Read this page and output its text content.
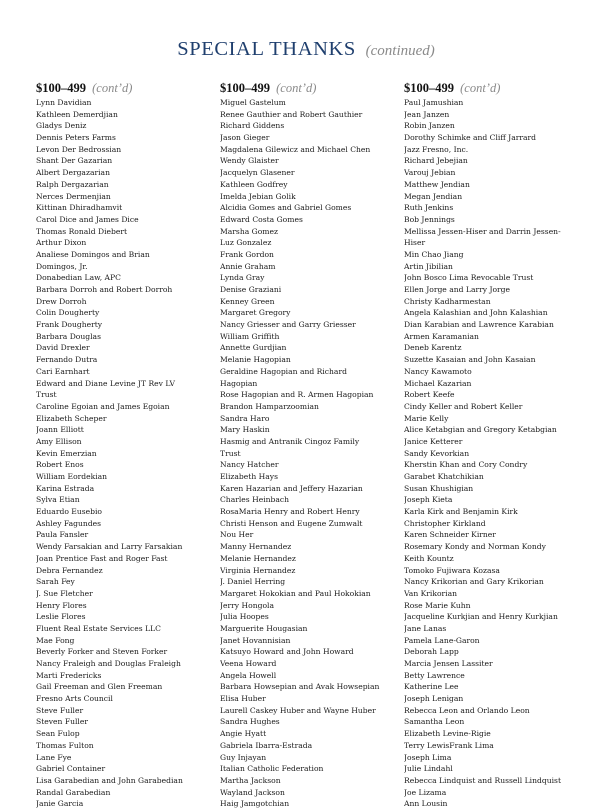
SPECIAL THANKS (continued)
$100–499 (cont’d)
Lynn Davidian
Kathleen Demerdjian
Gladys Deniz
Dennis Peters Farms
Levon Der Bedrossian
Shant Der Gazarian
Albert Dergazarian
Ralph Dergazarian
Nerces Dermenjian
Kittinan Dhiradhamvit
Carol Dice and James Dice
Thomas Ronald Diebert
Arthur Dixon
Analiese Domingos and Brian
Domingos, Jr.
Donabedian Law, APC
Barbara Dorroh and Robert Dorroh
Drew Dorroh
Colin Dougherty
Frank Dougherty
Barbara Douglas
David Drexler
Fernando Dutra
Cari Earnhart
Edward and Diane Levine JT Rev LV
Trust
Caroline Egoian and James Egoian
Elizabeth Scheper
Joann Elliott
Amy Ellison
Kevin Emerzian
Robert Enos
William Eordekian
Karina Estrada
Sylva Etian
Eduardo Eusebio
Ashley Fagundes
Paula Fansler
Wendy Farsakian and Larry Farsakian
Joan Prentice Fast and Roger Fast
Debra Fernandez
Sarah Fey
J. Sue Fletcher
Henry Flores
Leslie Flores
Fluent Real Estate Services LLC
Mae Fong
Beverly Forker and Steven Forker
Nancy Fraleigh and Douglas Fraleigh
Marti Fredericks
Gail Freeman and Glen Freeman
Fresno Arts Council
Steve Fuller
Steven Fuller
Sean Fulop
Thomas Fulton
Lane Fye
Gabriel Container
Lisa Garabedian and John Garabedian
Randal Garabedian
Janie Garcia
$100–499 (cont’d)
Miguel Gastelum
Renee Gauthier and Robert Gauthier
Richard Giddens
Jason Gieger
Magdalena Gilewicz and Michael Chen
Wendy Glaister
Jacquelyn Glasener
Kathleen Godfrey
Imelda Jebian Golik
Alcidia Gomes and Gabriel Gomes
Edward Costa Gomes
Marsha Gomez
Luz Gonzalez
Frank Gordon
Annie Graham
Lynda Gray
Denise Graziani
Kenney Green
Margaret Gregory
Nancy Griesser and Garry Griesser
William Griffith
Annette Gurdjian
Melanie Hagopian
Geraldine Hagopian and Richard
Hagopian
Rose Hagopian and R. Armen Hagopian
Brandon Hamparzoomian
Sandra Haro
Mary Haskin
Hasmig and Antranik Cingoz Family
Trust
Nancy Hatcher
Elizabeth Hays
Karen Hazarian and Jeffery Hazarian
Charles Heinbach
RosaMaria Henry and Robert Henry
Christi Henson and Eugene Zumwalt
Nou Her
Manny Hernandez
Melanie Hernandez
Virginia Hernandez
J. Daniel Herring
Margaret Hokokian and Paul Hokokian
Jerry Hongola
Julia Hoopes
Marguerite Hougasian
Janet Hovannisian
Katsuyo Howard and John Howard
Veena Howard
Angela Howell
Barbara Howsepian and Avak Howsepian
Elisa Huber
Laurell Caskey Huber and Wayne Huber
Sandra Hughes
Angie Hyatt
Gabriela Ibarra-Estrada
Guy Injayan
Italian Catholic Federation
Martha Jackson
Wayland Jackson
Haig Jamgotchian
$100–499 (cont’d)
Paul Jamushian
Jean Janzen
Robin Janzen
Dorothy Schimke and Cliff Jarrard
Jazz Fresno, Inc.
Richard Jebejian
Varouj Jebian
Matthew Jendian
Megan Jendian
Ruth Jenkins
Bob Jennings
Mellissa Jessen-Hiser and Darrin Jessen-
Hiser
Min Chao Jiang
Artin Jibilian
John Bosco Lima Revocable Trust
Ellen Jorge and Larry Jorge
Christy Kadharmestan
Angela Kalashian and John Kalashian
Dian Karabian and Lawrence Karabian
Armen Karamanian
Deneb Karentz
Suzette Kasaian and John Kasaian
Nancy Kawamoto
Michael Kazarian
Robert Keefe
Cindy Keller and Robert Keller
Marie Kelly
Alice Ketabgian and Gregory Ketabgian
Janice Ketterer
Sandy Kevorkian
Kherstin Khan and Cory Condry
Garabet Khatchikian
Susan Khushigian
Joseph Kieta
Karla Kirk and Benjamin Kirk
Christopher Kirkland
Karen Schneider Kirner
Rosemary Kondy and Norman Kondy
Keith Kountz
Tomoko Fujiwara Kozasa
Nancy Krikorian and Gary Krikorian
Van Krikorian
Rose Marie Kuhn
Jacqueline Kurkjian and Henry Kurkjian
Jane Lanas
Pamela Lane-Garon
Deborah Lapp
Marcia Jensen Lassiter
Betty Lawrence
Katherine Lee
Joseph Lenigan
Rebecca Leon and Orlando Leon
Samantha Leon
Elizabeth Levine-Rigie
Terry LewisFrank Lima
Joseph Lima
Julie Lindahl
Rebecca Lindquist and Russell Lindquist
Joe Lizama
Ann Lousin
